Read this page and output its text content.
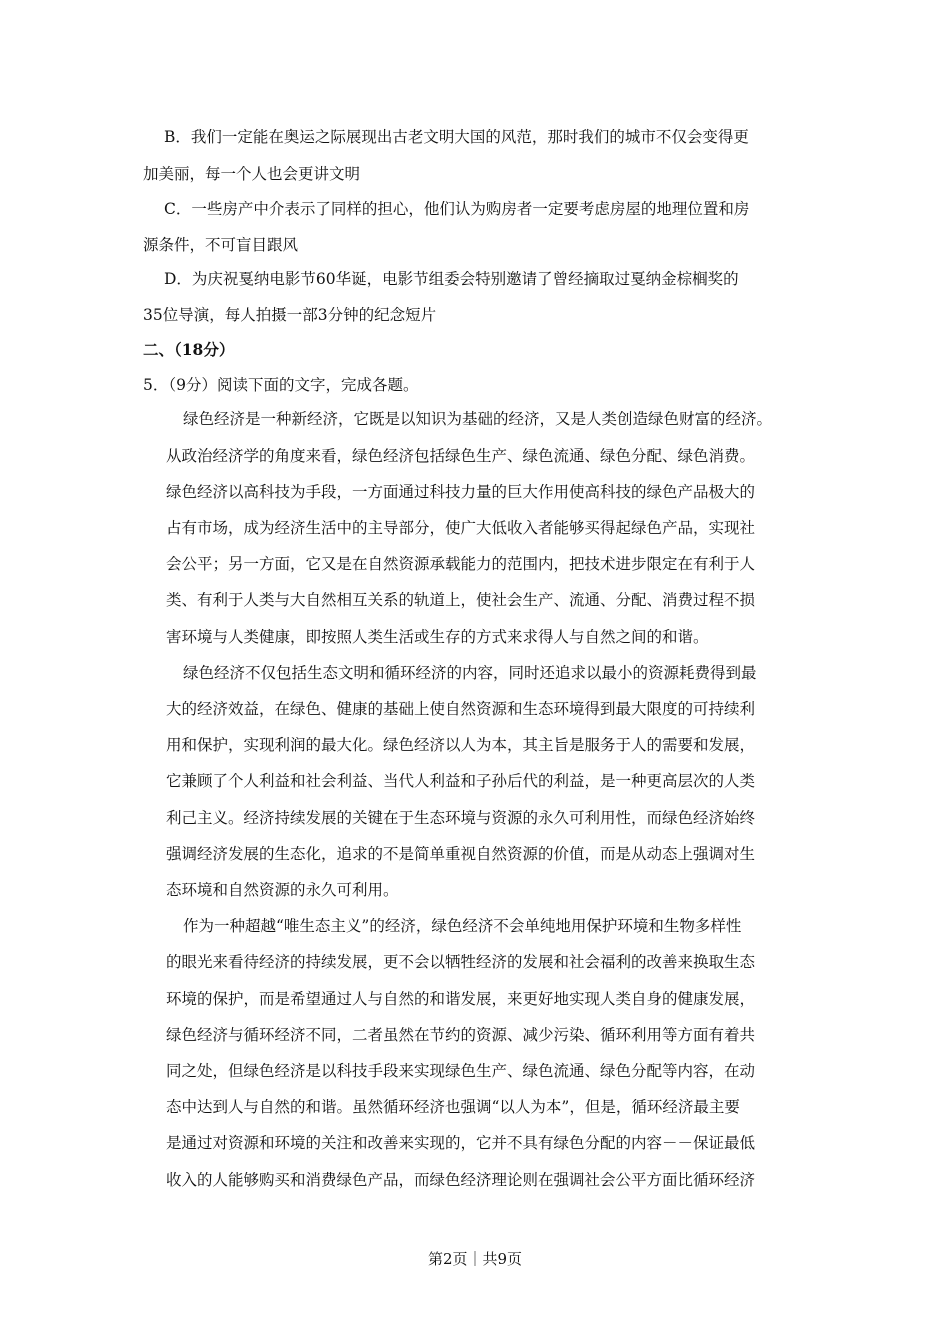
B．我们一定能在奥运之际展现出古老文明大国的风范，那时我们的城市不仅会变得更
加美丽，每一个人也会更讲文明
C．一些房产中介表示了同样的担心，他们认为购房者一定要考虑房屋的地理位置和房
源条件，不可盲目跟风
D．为庆祝戛纳电影节60华诞，电影节组委会特别邀请了曾经摘取过戛纳金棕榈奖的
35位导演，每人拍摄一部3分钟的纪念短片
二、（18分）
5．（9分）阅读下面的文字，完成各题。
绿色经济是一种新经济，它既是以知识为基础的经济，又是人类创造绿色财富的经济。
从政治经济学的角度来看，绿色经济包括绿色生产、绿色流通、绿色分配、绿色消费。
绿色经济以高科技为手段，一方面通过科技力量的巨大作用使高科技的绿色产品极大的
占有市场，成为经济生活中的主导部分，使广大低收入者能够买得起绿色产品，实现社
会公平；另一方面，它又是在自然资源承载能力的范围内，把技术进步限定在有利于人
类、有利于人类与大自然相互关系的轨道上，使社会生产、流通、分配、消费过程不损
害环境与人类健康，即按照人类生活或生存的方式来求得人与自然之间的和谐。
绿色经济不仅包括生态文明和循环经济的内容，同时还追求以最小的资源耗费得到最
大的经济效益，在绿色、健康的基础上使自然资源和生态环境得到最大限度的可持续利
用和保护，实现利润的最大化。绿色经济以人为本，其主旨是服务于人的需要和发展，
它兼顾了个人利益和社会利益、当代人利益和子孙后代的利益，是一种更高层次的人类
利己主义。经济持续发展的关键在于生态环境与资源的永久可利用性，而绿色经济始终
强调经济发展的生态化，追求的不是简单重视自然资源的价值，而是从动态上强调对生
态环境和自然资源的永久可利用。
作为一种超越“唯生态主义”的经济，绿色经济不会单纯地用保护环境和生物多样性
的眼光来看待经济的持续发展，更不会以牺牲经济的发展和社会福利的改善来换取生态
环境的保护，而是希望通过人与自然的和谐发展，来更好地实现人类自身的健康发展，
绿色经济与循环经济不同，二者虽然在节约的资源、减少污染、循环利用等方面有着共
同之处，但绿色经济是以科技手段来实现绿色生产、绿色流通、绿色分配等内容，在动
态中达到人与自然的和谐。虽然循环经济也强调“以人为本”，但是，循环经济最主要
是通过对资源和环境的关注和改善来实现的，它并不具有绿色分配的内容－－保证最低
收入的人能够购买和消费绿色产品，而绿色经济理论则在强调社会公平方面比循环经济
第2页｜共9页
